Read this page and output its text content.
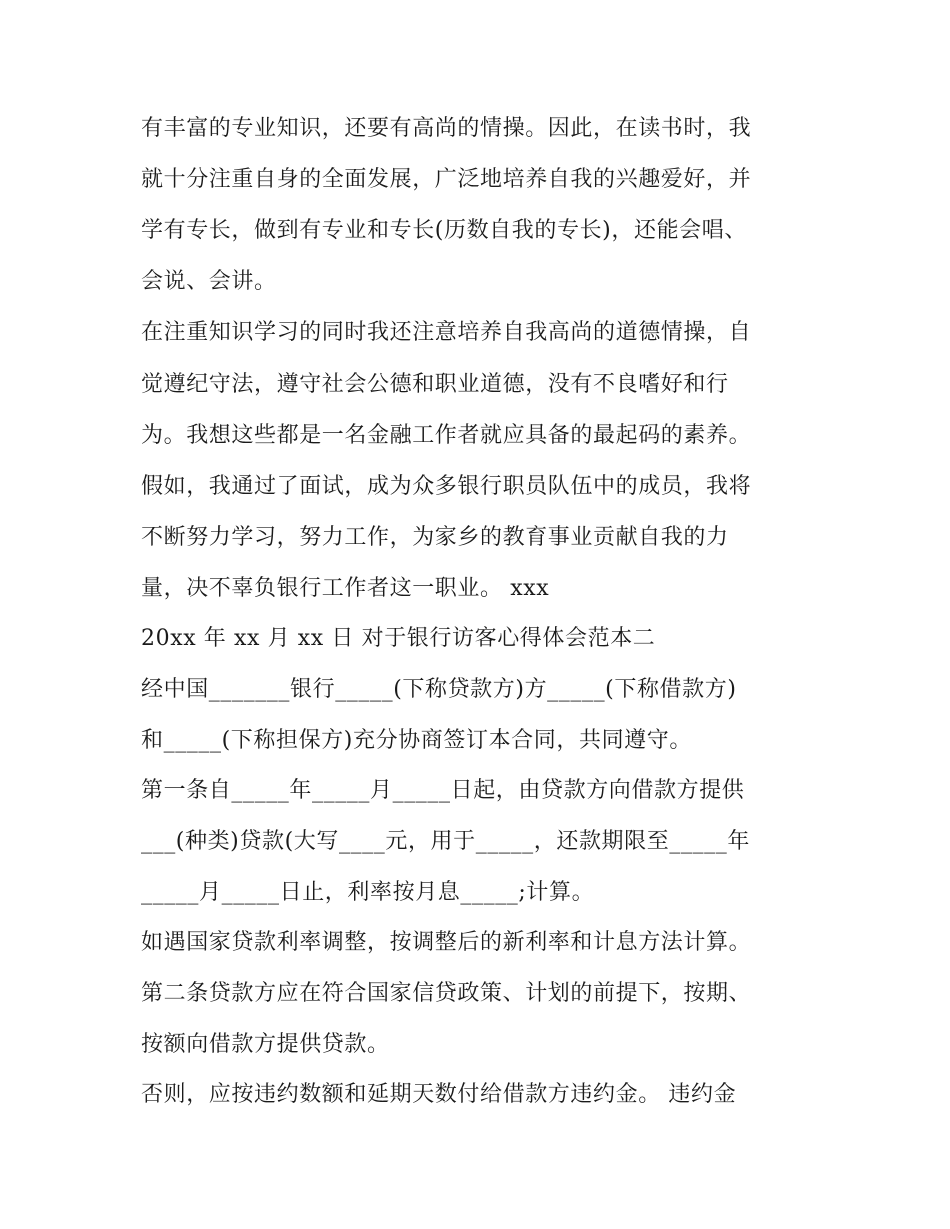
有丰富的专业知识，还要有高尚的情操。因此，在读书时，我
就十分注重自身的全面发展，广泛地培养自我的兴趣爱好，并
学有专长，做到有专业和专长(历数自我的专长)，还能会唱、
会说、会讲。
在注重知识学习的同时我还注意培养自我高尚的道德情操，自
觉遵纪守法，遵守社会公德和职业道德，没有不良嗜好和行
为。我想这些都是一名金融工作者就应具备的最起码的素养。
假如，我通过了面试，成为众多银行职员队伍中的成员，我将
不断努力学习，努力工作，为家乡的教育事业贡献自我的力
量，决不辜负银行工作者这一职业。 xxx
20xx 年 xx 月 xx 日 对于银行访客心得体会范本二
经中国_______银行_____(下称贷款方)方_____(下称借款方)
和_____(下称担保方)充分协商签订本合同，共同遵守。
第一条自_____年_____月_____日起，由贷款方向借款方提供
___(种类)贷款(大写____元，用于_____，还款期限至_____年
_____月_____日止，利率按月息_____;计算。
如遇国家贷款利率调整，按调整后的新利率和计息方法计算。
第二条贷款方应在符合国家信贷政策、计划的前提下，按期、
按额向借款方提供贷款。
否则，应按违约数额和延期天数付给借款方违约金。 违约金
